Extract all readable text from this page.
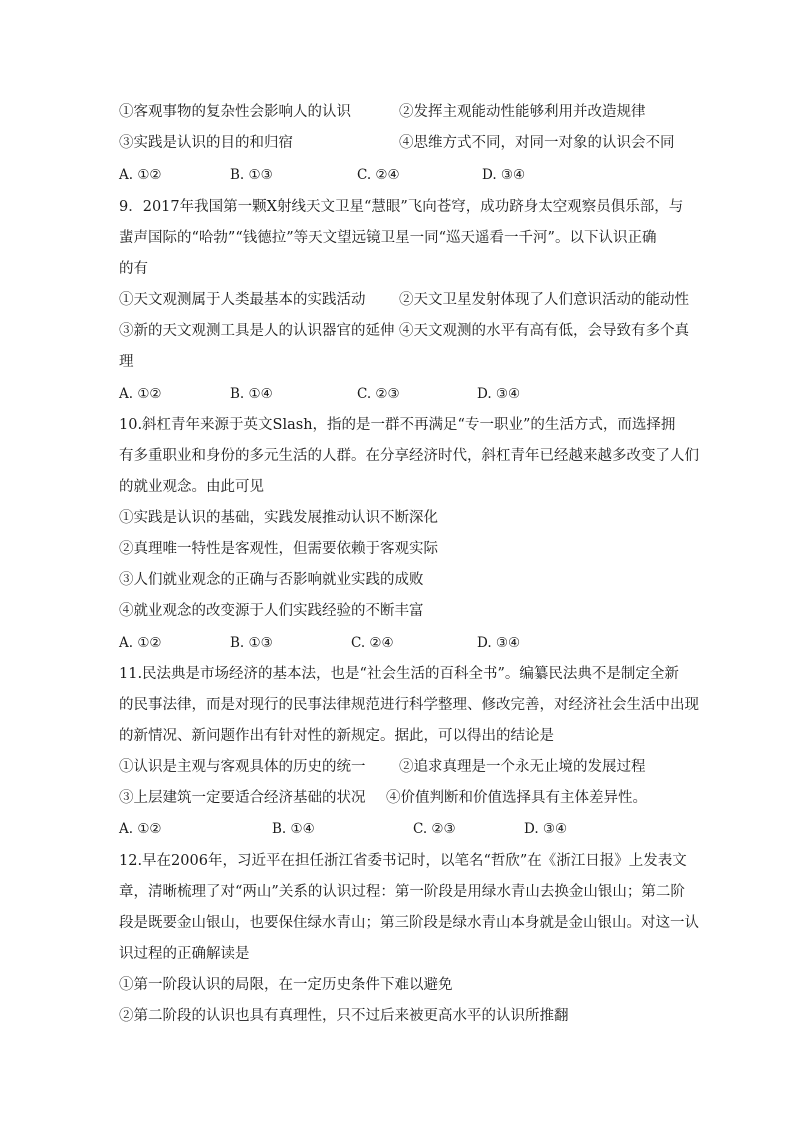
①客观事物的复杂性会影响人的认识	②发挥主观能动性能够利用并改造规律
③实践是认识的目的和归宿	④思维方式不同，对同一对象的认识会不同
A. ①②	B. ①③	C. ②④	D. ③④
9．2017年我国第一颗X射线天文卫星“慧眼”飞向苍穹，成功跻身太空观察员俱乐部，与
蜚声国际的“哈勃”“钱德拉”等天文望远镜卫星一同“巡天遥看一千河”。以下认识正确
的有
①天文观测属于人类最基本的实践活动 ②天文卫星发射体现了人们意识活动的能动性
③新的天文观测工具是人的认识器官的延伸 ④天文观测的水平有高有低，会导致有多个真
理
A. ①②	B. ①④	C. ②③	D. ③④
10.斜杠青年来源于英文Slash，指的是一群不再满足“专一职业”的生活方式，而选择拥
有多重职业和身份的多元生活的人群。在分享经济时代，斜杠青年已经越来越多改变了人们
的就业观念。由此可见
①实践是认识的基础，实践发展推动认识不断深化
②真理唯一特性是客观性，但需要依赖于客观实际
③人们就业观念的正确与否影响就业实践的成败
④就业观念的改变源于人们实践经验的不断丰富
A. ①②	B. ①③	C. ②④	D. ③④
11.民法典是市场经济的基本法，也是“社会生活的百科全书”。编纂民法典不是制定全新
的民事法律，而是对现行的民事法律规范进行科学整理、修改完善，对经济社会生活中出现
的新情况、新问题作出有针对性的新规定。据此，可以得出的结论是
①认识是主观与客观具体的历史的统一 ②追求真理是一个永无止境的发展过程
③上层建筑一定要适合经济基础的状况 ④价值判断和价值选择具有主体差异性。
A. ①②	B. ①④	C. ②③	D. ③④
12.早在2006年，习近平在担任浙江省委书记时，以笔名“哲欣”在《浙江日报》上发表文
章，清晰梳理了对“两山”关系的认识过程：第一阶段是用绿水青山去换金山银山；第二阶
段是既要金山银山，也要保住绿水青山；第三阶段是绿水青山本身就是金山银山。对这一认
识过程的正确解读是
①第一阶段认识的局限，在一定历史条件下难以避免
②第二阶段的认识也具有真理性，只不过后来被更高水平的认识所推翻
